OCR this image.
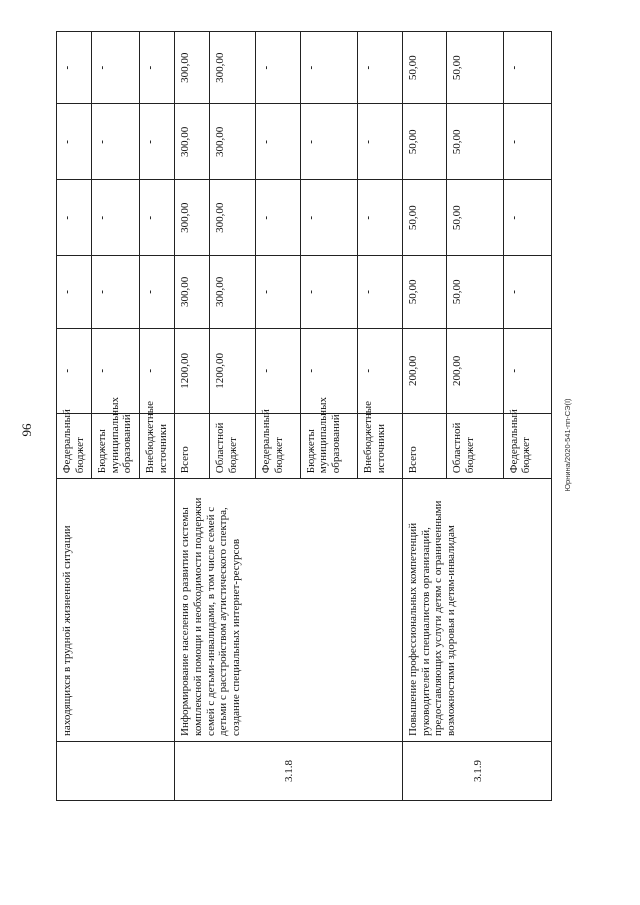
96	Юрнина/2020-541-пп-СЭ(I)
	находящихся в трудной жизненной ситуации	Федеральный бюджет	-	-	-	-	-
		Бюджеты муниципальных образований	-	-	-	-	-
		Внебюджетные источники	-	-	-	-	-
3.1.8	Информирование населения о развитии системы комплексной помощи и необходимости поддержки семей с детьми-инвалидами, в том числе семей с детьми с расстройством аутистического спектра, создание специальных интернет-ресурсов	Всего	1200,00	300,00	300,00	300,00	300,00
		Областной бюджет	1200,00	300,00	300,00	300,00	300,00
		Федеральный бюджет	-	-	-	-	-
		Бюджеты муниципальных образований	-	-	-	-	-
		Внебюджетные источники	-	-	-	-	-
3.1.9	Повышение профессиональных компетенций руководителей и специалистов организаций, предоставляющих услуги детям с ограниченными возможностями здоровья и детям-инвалидам	Всего	200,00	50,00	50,00	50,00	50,00
		Областной бюджет	200,00	50,00	50,00	50,00	50,00
		Федеральный бюджет	-	-	-	-	-
